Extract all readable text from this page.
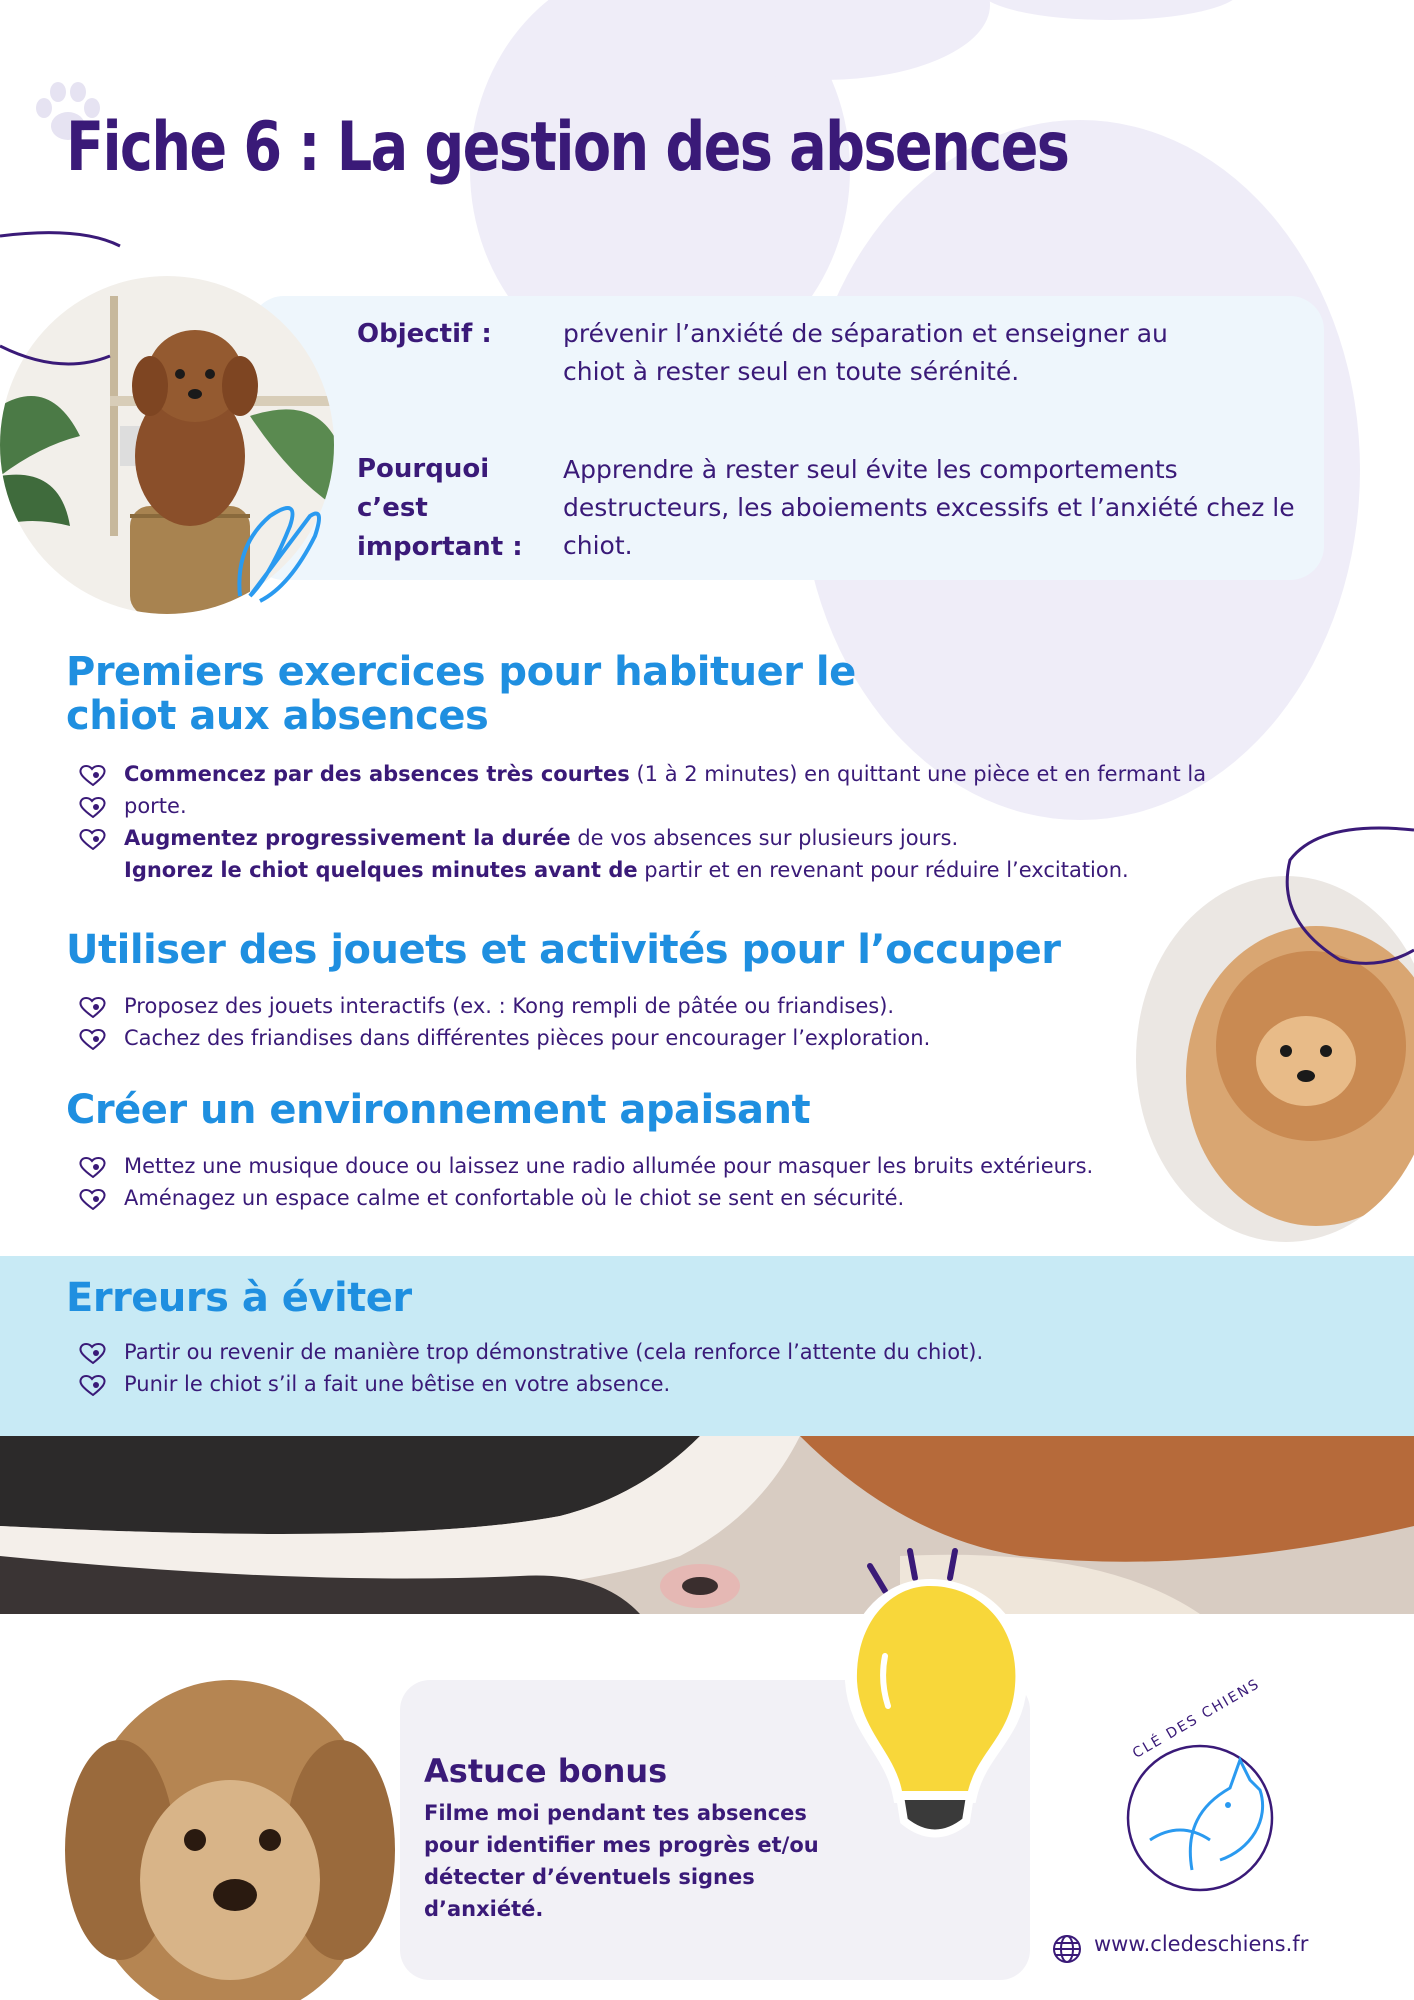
Fiche 6 : La gestion des absences
Objectif :	prévenir l’anxiété de séparation et enseigner au
chiot à rester seul en toute sérénité.
Pourquoi
c’est
important :
Apprendre à rester seul évite les comportements
destructeurs, les aboiements excessifs et l’anxiété chez le
chiot.
Premiers exercices pour habituer le
chiot aux absences
Commencez par des absences très courtes (1 à 2 minutes) en quittant une pièce et en fermant la
porte.
Augmentez progressivement la durée de vos absences sur plusieurs jours.
Ignorez le chiot quelques minutes avant de partir et en revenant pour réduire l’excitation.
Utiliser des jouets et activités pour l’occuper
Proposez des jouets interactifs (ex. : Kong rempli de pâtée ou friandises).
Cachez des friandises dans différentes pièces pour encourager l’exploration.
Créer un environnement apaisant
Mettez une musique douce ou laissez une radio allumée pour masquer les bruits extérieurs.
Aménagez un espace calme et confortable où le chiot se sent en sécurité.
Erreurs à éviter
Partir ou revenir de manière trop démonstrative (cela renforce l’attente du chiot).
Punir le chiot s’il a fait une bêtise en votre absence.
Astuce bonus
Filme moi pendant tes absences pour identifier mes progrès et/ou détecter d’éventuels signes d’anxiété.
CLÉ DES CHIENS
www.cledeschiens.fr
